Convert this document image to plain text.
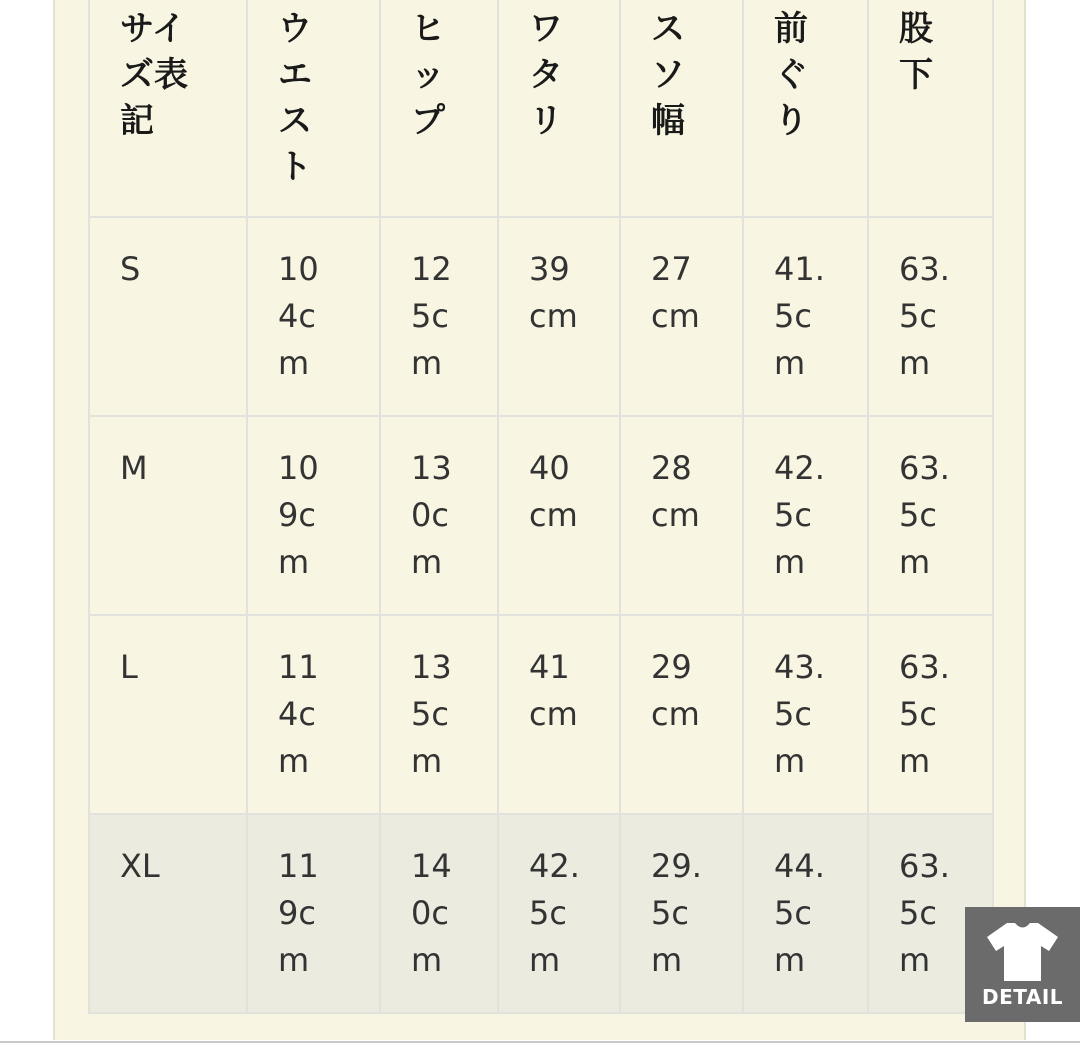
サイズ表記	ウエスト	ヒップ	ワタリ	スソ幅	前ぐり	股下

S	104cm	125cm	39cm	27cm	41.5cm	63.5cm

M	109cm	130cm	40cm	28cm	42.5cm	63.5cm

L	114cm	135cm	41cm	29cm	43.5cm	63.5cm

XL	119cm	140cm	42.5cm	29.5cm	44.5cm	63.5cm
DETAIL
